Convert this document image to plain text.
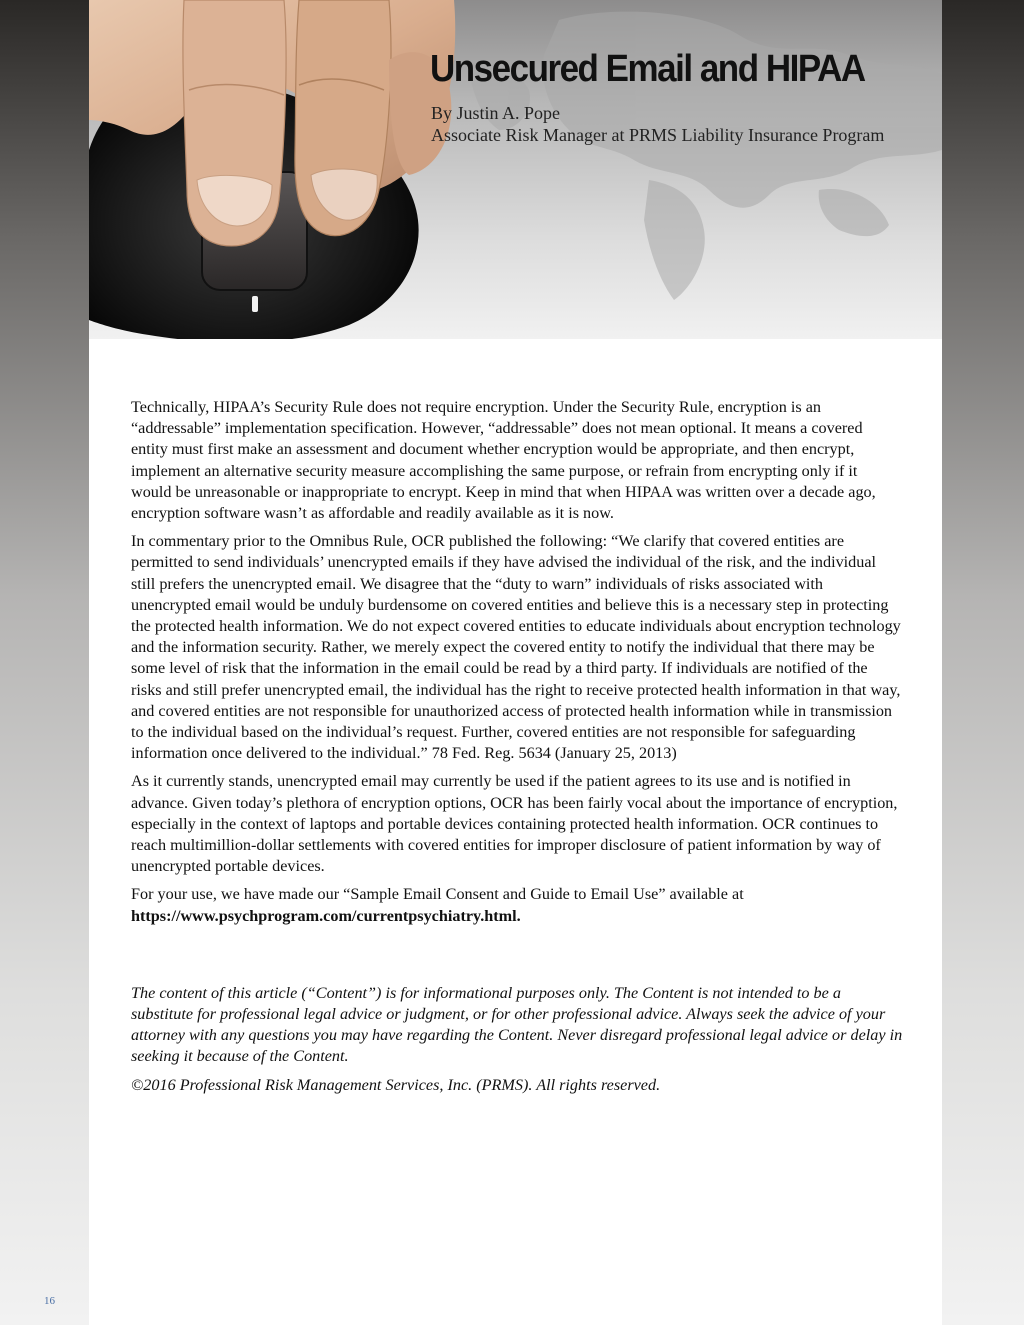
Unsecured Email and HIPAA
By Justin A. Pope
Associate Risk Manager at PRMS Liability Insurance Program

Technically, HIPAA’s Security Rule does not require encryption. Under the Security Rule, encryption is an “addressable” implementation specification. However, “addressable” does not mean optional. It means a covered entity must first make an assessment and document whether encryption would be appropriate, and then encrypt, implement an alternative security measure accomplishing the same purpose, or refrain from encrypting only if it would be unreasonable or inappropriate to encrypt. Keep in mind that when HIPAA was written over a decade ago, encryption software wasn’t as affordable and readily available as it is now.

In commentary prior to the Omnibus Rule, OCR published the following: “We clarify that covered entities are permitted to send individuals’ unencrypted emails if they have advised the individual of the risk, and the individual still prefers the unencrypted email. We disagree that the “duty to warn” individuals of risks associated with unencrypted email would be unduly burdensome on covered entities and believe this is a necessary step in protecting the protected health information. We do not expect covered entities to educate individuals about encryption technology and the information security. Rather, we merely expect the covered entity to notify the individual that there may be some level of risk that the information in the email could be read by a third party. If individuals are notified of the risks and still prefer unencrypted email, the individual has the right to receive protected health information in that way, and covered entities are not responsible for unauthorized access of protected health information while in transmission to the individual based on the individual’s request. Further, covered entities are not responsible for safeguarding information once delivered to the individual.” 78 Fed. Reg. 5634 (January 25, 2013)

As it currently stands, unencrypted email may currently be used if the patient agrees to its use and is notified in advance. Given today’s plethora of encryption options, OCR has been fairly vocal about the importance of encryption, especially in the context of laptops and portable devices containing protected health information. OCR continues to reach multimillion-dollar settlements with covered entities for improper disclosure of patient information by way of unencrypted portable devices.

For your use, we have made our “Sample Email Consent and Guide to Email Use” available at
https://www.psychprogram.com/currentpsychiatry.html.

The content of this article (“Content”) is for informational purposes only. The Content is not intended to be a substitute for professional legal advice or judgment, or for other professional advice. Always seek the advice of your attorney with any questions you may have regarding the Content. Never disregard professional legal advice or delay in seeking it because of the Content.

©2016 Professional Risk Management Services, Inc. (PRMS). All rights reserved.

16
